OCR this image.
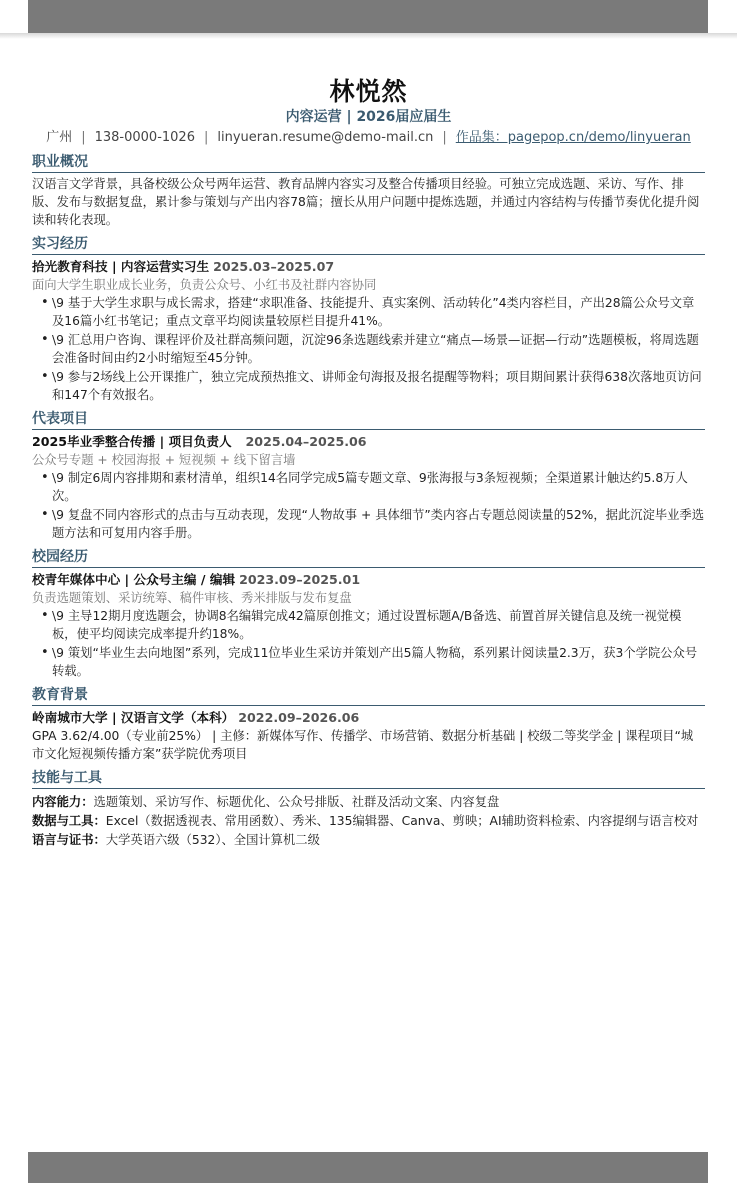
林悦然
内容运营 | 2026届应届生
广州 | 138-0000-1026 | linyueran.resume@demo-mail.cn | 作品集：pagepop.cn/demo/linyueran
职业概况
汉语言文学背景，具备校级公众号两年运营、教育品牌内容实习及整合传播项目经验。可独立完成选题、采访、写作、排版、发布与数据复盘，累计参与策划与产出内容78篇；擅长从用户问题中提炼选题，并通过内容结构与传播节奏优化提升阅读和转化表现。
实习经历
拾光教育科技 | 内容运营实习生 2025.03–2025.07
面向大学生职业成长业务，负责公众号、小红书及社群内容协同
• \9 基于大学生求职与成长需求，搭建“求职准备、技能提升、真实案例、活动转化”4类内容栏目，产出28篇公众号文章及16篇小红书笔记；重点文章平均阅读量较原栏目提升41%。
• \9 汇总用户咨询、课程评价及社群高频问题，沉淀96条选题线索并建立“痛点—场景—证据—行动”选题模板，将周选题会准备时间由约2小时缩短至45分钟。
• \9 参与2场线上公开课推广，独立完成预热推文、讲师金句海报及报名提醒等物料；项目期间累计获得638次落地页访问和147个有效报名。
代表项目
2025毕业季整合传播 | 项目负责人 2025.04–2025.06
公众号专题 + 校园海报 + 短视频 + 线下留言墙
• \9 制定6周内容排期和素材清单，组织14名同学完成5篇专题文章、9张海报与3条短视频；全渠道累计触达约5.8万人次。
• \9 复盘不同内容形式的点击与互动表现，发现“人物故事 + 具体细节”类内容占专题总阅读量的52%，据此沉淀毕业季选题方法和可复用内容手册。
校园经历
校青年媒体中心 | 公众号主编 / 编辑 2023.09–2025.01
负责选题策划、采访统筹、稿件审核、秀米排版与发布复盘
• \9 主导12期月度选题会，协调8名编辑完成42篇原创推文；通过设置标题A/B备选、前置首屏关键信息及统一视觉模板，使平均阅读完成率提升约18%。
• \9 策划“毕业生去向地图”系列，完成11位毕业生采访并策划产出5篇人物稿，系列累计阅读量2.3万，获3个学院公众号转载。
教育背景
岭南城市大学 | 汉语言文学（本科） 2022.09–2026.06
GPA 3.62/4.00（专业前25%） | 主修：新媒体写作、传播学、市场营销、数据分析基础 | 校级二等奖学金 | 课程项目“城市文化短视频传播方案”获学院优秀项目
技能与工具
内容能力：选题策划、采访写作、标题优化、公众号排版、社群及活动文案、内容复盘
数据与工具：Excel（数据透视表、常用函数）、秀米、135编辑器、Canva、剪映；AI辅助资料检索、内容提纲与语言校对
语言与证书：大学英语六级（532）、全国计算机二级
